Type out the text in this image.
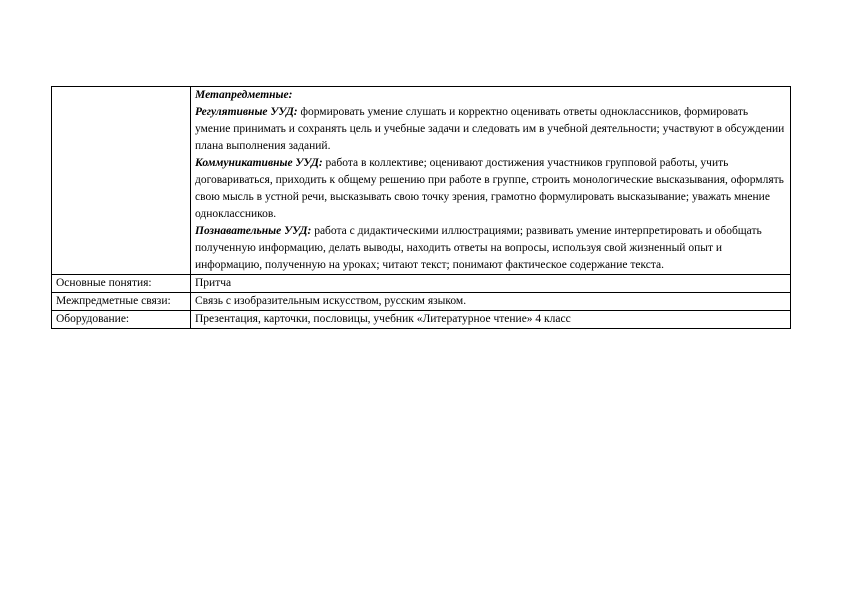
	Метапредметные:
Регулятивные УУД: формировать умение слушать и корректно оценивать ответы одноклассников, формировать умение принимать и сохранять цель и учебные задачи и следовать им в учебной деятельности; участвуют в обсуждении плана выполнения заданий.
Коммуникативные УУД: работа в коллективе; оценивают достижения участников групповой работы, учить договариваться, приходить к общему решению при работе в группе, строить монологические высказывания, оформлять свою мысль в устной речи, высказывать свою точку зрения, грамотно формулировать высказывание; уважать мнение одноклассников.
Познавательные УУД: работа с дидактическими иллюстрациями; развивать умение интерпретировать и обобщать полученную информацию, делать выводы, находить ответы на вопросы, используя свой жизненный опыт и информацию, полученную на уроках; читают текст; понимают фактическое содержание текста.

Основные понятия:	Притча
Межпредметные связи:	Связь с изобразительным искусством, русским языком.
Оборудование:	Презентация, карточки, пословицы, учебник «Литературное чтение» 4 класс
